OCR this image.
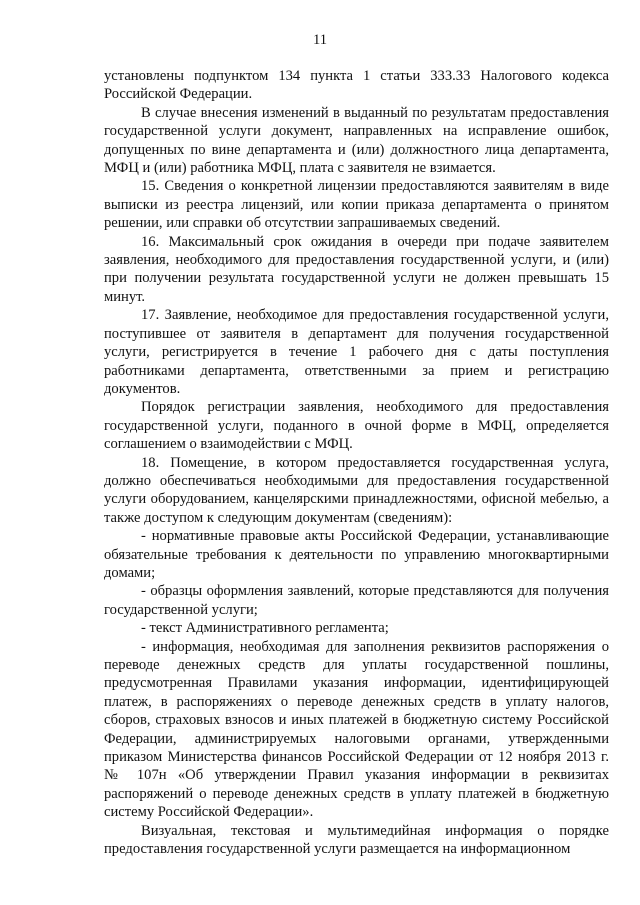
11

установлены подпунктом 134 пункта 1 статьи 333.33 Налогового кодекса Российской Федерации.

В случае внесения изменений в выданный по результатам предоставления государственной услуги документ, направленных на исправление ошибок, допущенных по вине департамента и (или) должностного лица департамента, МФЦ и (или) работника МФЦ, плата с заявителя не взимается.

15. Сведения о конкретной лицензии предоставляются заявителям в виде выписки из реестра лицензий, или копии приказа департамента о принятом решении, или справки об отсутствии запрашиваемых сведений.

16. Максимальный срок ожидания в очереди при подаче заявителем заявления, необходимого для предоставления государственной услуги, и (или) при получении результата государственной услуги не должен превышать 15 минут.

17. Заявление, необходимое для предоставления государственной услуги, поступившее от заявителя в департамент для получения государственной услуги, регистрируется в течение 1 рабочего дня с даты поступления работниками департамента, ответственными за прием и регистрацию документов.

Порядок регистрации заявления, необходимого для предоставления государственной услуги, поданного в очной форме в МФЦ, определяется соглашением о взаимодействии с МФЦ.

18. Помещение, в котором предоставляется государственная услуга, должно обеспечиваться необходимыми для предоставления государственной услуги оборудованием, канцелярскими принадлежностями, офисной мебелью, а также доступом к следующим документам (сведениям):

- нормативные правовые акты Российской Федерации, устанавливающие обязательные требования к деятельности по управлению многоквартирными домами;

- образцы оформления заявлений, которые представляются для получения государственной услуги;

- текст Административного регламента;

- информация, необходимая для заполнения реквизитов распоряжения о переводе денежных средств для уплаты государственной пошлины, предусмотренная Правилами указания информации, идентифицирующей платеж, в распоряжениях о переводе денежных средств в уплату налогов, сборов, страховых взносов и иных платежей в бюджетную систему Российской Федерации, администрируемых налоговыми органами, утвержденными приказом Министерства финансов Российской Федерации от 12 ноября 2013 г. № 107н «Об утверждении Правил указания информации в реквизитах распоряжений о переводе денежных средств в уплату платежей в бюджетную систему Российской Федерации».

Визуальная, текстовая и мультимедийная информация о порядке предоставления государственной услуги размещается на информационном
